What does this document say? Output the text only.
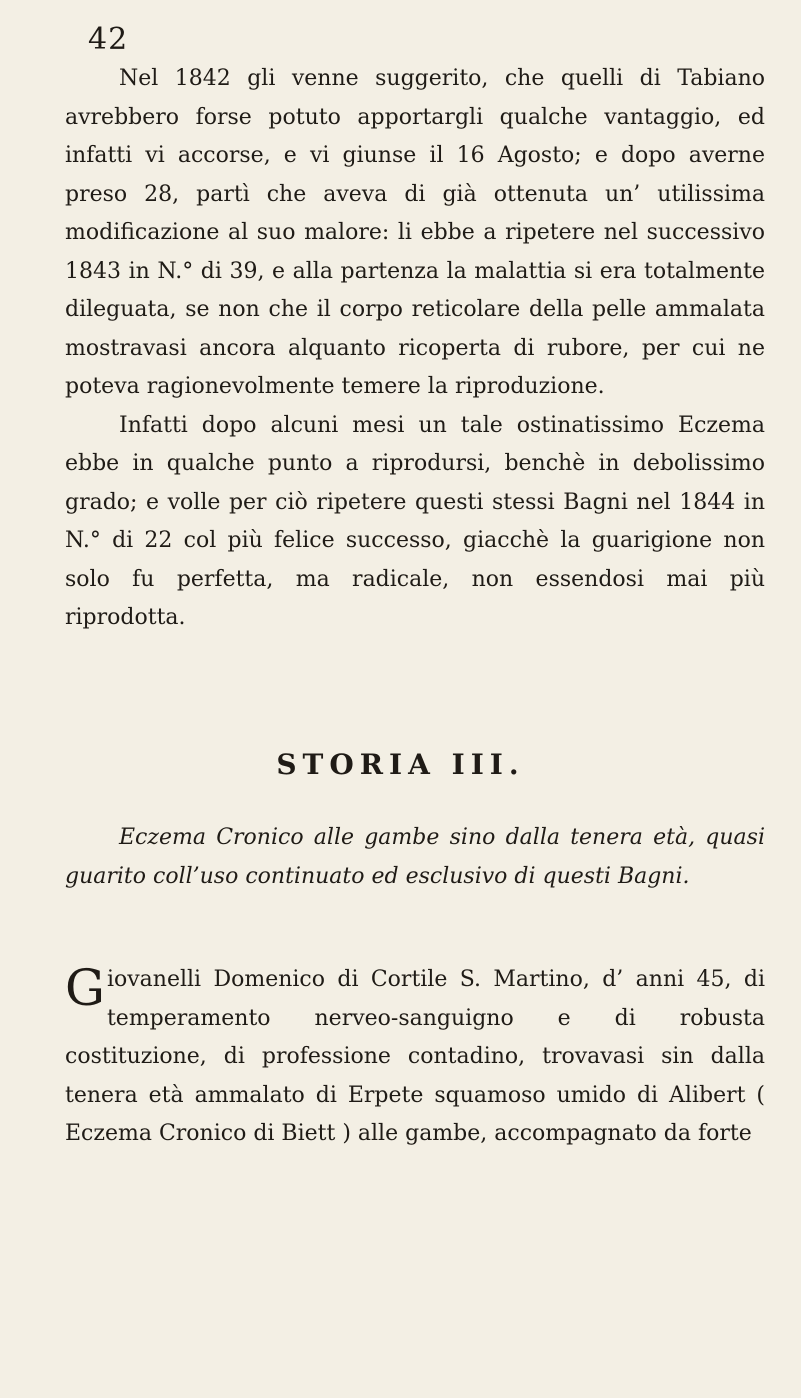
42

Nel 1842 gli venne suggerito, che quelli di Tabiano avrebbero forse potuto apportargli qualche vantaggio, ed infatti vi accorse, e vi giunse il 16 Agosto; e dopo averne preso 28, partì che aveva di già ottenuta un’ utilissima modificazione al suo malore: li ebbe a ripetere nel successivo 1843 in N.° di 39, e alla partenza la malattia si era totalmente dileguata, se non che il corpo reticolare della pelle ammalata mostravasi ancora alquanto ricoperta di rubore, per cui ne poteva ragionevolmente temere la riproduzione.

Infatti dopo alcuni mesi un tale ostinatissimo Eczema ebbe in qualche punto a riprodursi, benchè in debolissimo grado; e volle per ciò ripetere questi stessi Bagni nel 1844 in N.° di 22 col più felice successo, giacchè la guarigione non solo fu perfetta, ma radicale, non essendosi mai più riprodotta.

STORIA III.

Eczema Cronico alle gambe sino dalla tenera età, quasi guarito coll’uso continuato ed esclusivo di questi Bagni.

Giovanelli Domenico di Cortile S. Martino, d’ anni 45, di temperamento nerveo-sanguigno e di robusta costituzione, di professione contadino, trovavasi sin dalla tenera età ammalato di Erpete squamoso umido di Alibert ( Eczema Cronico di Biett ) alle gambe, accompagnato da forte
